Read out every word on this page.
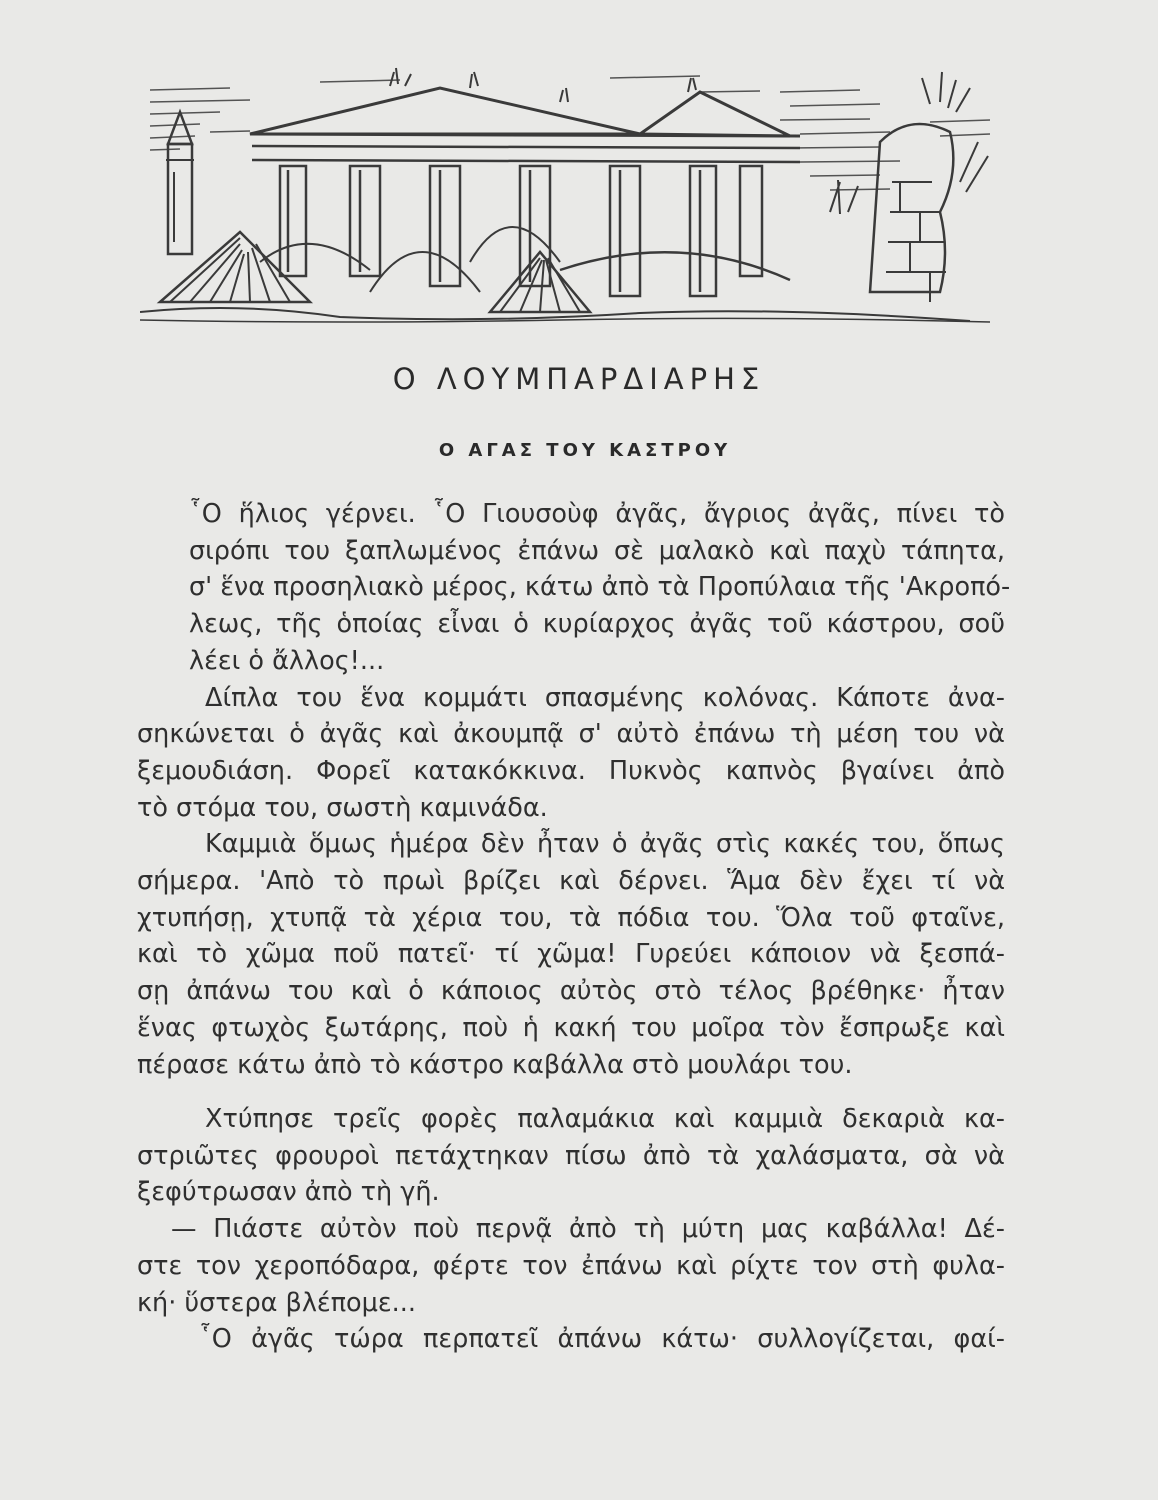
Ο ΛΟΥΜΠΑΡΔΙΑΡΗΣ
Ο ΑΓΑΣ ΤΟΥ ΚΑΣΤΡΟΥ

῟Ο ἥλιος γέρνει. ῟Ο Γιουσοὺφ ἀγᾶς, ἄγριος ἀγᾶς, πίνει τὸ
σιρόπι του ξαπλωμένος ἐπάνω σὲ μαλακὸ καὶ παχὺ τάπητα,
σ' ἕνα προσηλιακὸ μέρος, κάτω ἀπὸ τὰ Προπύλαια τῆς 'Ακροπό-
λεως, τῆς ὁποίας εἶναι ὁ κυρίαρχος ἀγᾶς τοῦ κάστρου, σοῦ
λέει ὁ ἄλλος!...

Δίπλα του ἕνα κομμάτι σπασμένης κολόνας. Κάποτε ἀνα-
σηκώνεται ὁ ἀγᾶς καὶ ἀκουμπᾷ σ' αὐτὸ ἐπάνω τὴ μέση του νὰ
ξεμουδιάση. Φορεῖ κατακόκκινα. Πυκνὸς καπνὸς βγαίνει ἀπὸ
τὸ στόμα του, σωστὴ καμινάδα.

Καμμιὰ ὅμως ἡμέρα δὲν ἦταν ὁ ἀγᾶς στὶς κακές του, ὅπως
σήμερα. 'Απὸ τὸ πρωὶ βρίζει καὶ δέρνει. Ἅμα δὲν ἔχει τί νὰ
χτυπήσῃ, χτυπᾷ τὰ χέρια του, τὰ πόδια του. Ὅλα τοῦ φταῖνε,
καὶ τὸ χῶμα ποῦ πατεῖ· τί χῶμα! Γυρεύει κάποιον νὰ ξεσπά-
σῃ ἀπάνω του καὶ ὁ κάποιος αὐτὸς στὸ τέλος βρέθηκε· ἦταν
ἕνας φτωχὸς ξωτάρης, ποὺ ἡ κακή του μοῖρα τὸν ἔσπρωξε καὶ
πέρασε κάτω ἀπὸ τὸ κάστρο καβάλλα στὸ μουλάρι του.

Χτύπησε τρεῖς φορὲς παλαμάκια καὶ καμμιὰ δεκαριὰ κα-
στριῶτες φρουροὶ πετάχτηκαν πίσω ἀπὸ τὰ χαλάσματα, σὰ νὰ
ξεφύτρωσαν ἀπὸ τὴ γῆ.

— Πιάστε αὐτὸν ποὺ περνᾷ ἀπὸ τὴ μύτη μας καβάλλα! Δέ-
στε τον χεροπόδαρα, φέρτε τον ἐπάνω καὶ ρίχτε τον στὴ φυλα-
κή· ὕστερα βλέπομε...

῟Ο ἀγᾶς τώρα περπατεῖ ἀπάνω κάτω· συλλογίζεται, φαί-
